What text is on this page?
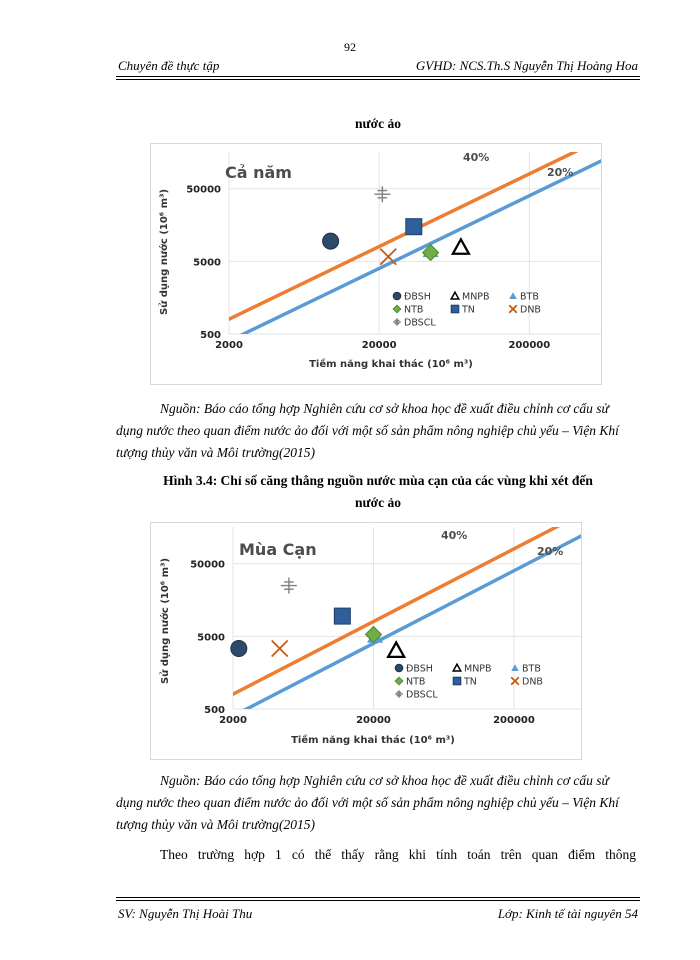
92
Chuyên đề thực tập	GVHD: NCS.Th.S Nguyễn Thị Hoàng Hoa
nước ảo
40%
20%
Cả năm
2000	20000	200000
500
5000
50000
Tiềm năng khai thác (10⁶ m³)
Sử dụng nước (10⁶ m³)	ĐBSH	MNPB	BTB
NTB	TN	DNB
DBSCL
Nguồn: Báo cáo tổng hợp Nghiên cứu cơ sở khoa học đề xuất điều chỉnh cơ cấu sử dụng nước theo quan điểm nước ảo đối với một số sản phẩm nông nghiệp chủ yếu – Viện Khí tượng thủy văn và Môi trường(2015)
Hình 3.4: Chỉ số căng thẳng nguồn nước mùa cạn của các vùng khi xét đến
nước ảo
40%
20%
Mùa Cạn
2000	20000	200000
500
5000
50000
Tiềm năng khai thác (10⁶ m³)
Sử dụng nước (10⁶ m³)	ĐBSH	MNPB	BTB
NTB	TN	DNB
DBSCL
Nguồn: Báo cáo tổng hợp Nghiên cứu cơ sở khoa học đề xuất điều chỉnh cơ cấu sử dụng nước theo quan điểm nước ảo đối với một số sản phẩm nông nghiệp chủ yếu – Viện Khí tượng thủy văn và Môi trường(2015)
Theo trường hợp 1 có thể thấy rằng khi tính toán trên quan điểm thông
SV: Nguyễn Thị Hoài Thu	Lớp: Kinh tế tài nguyên 54
